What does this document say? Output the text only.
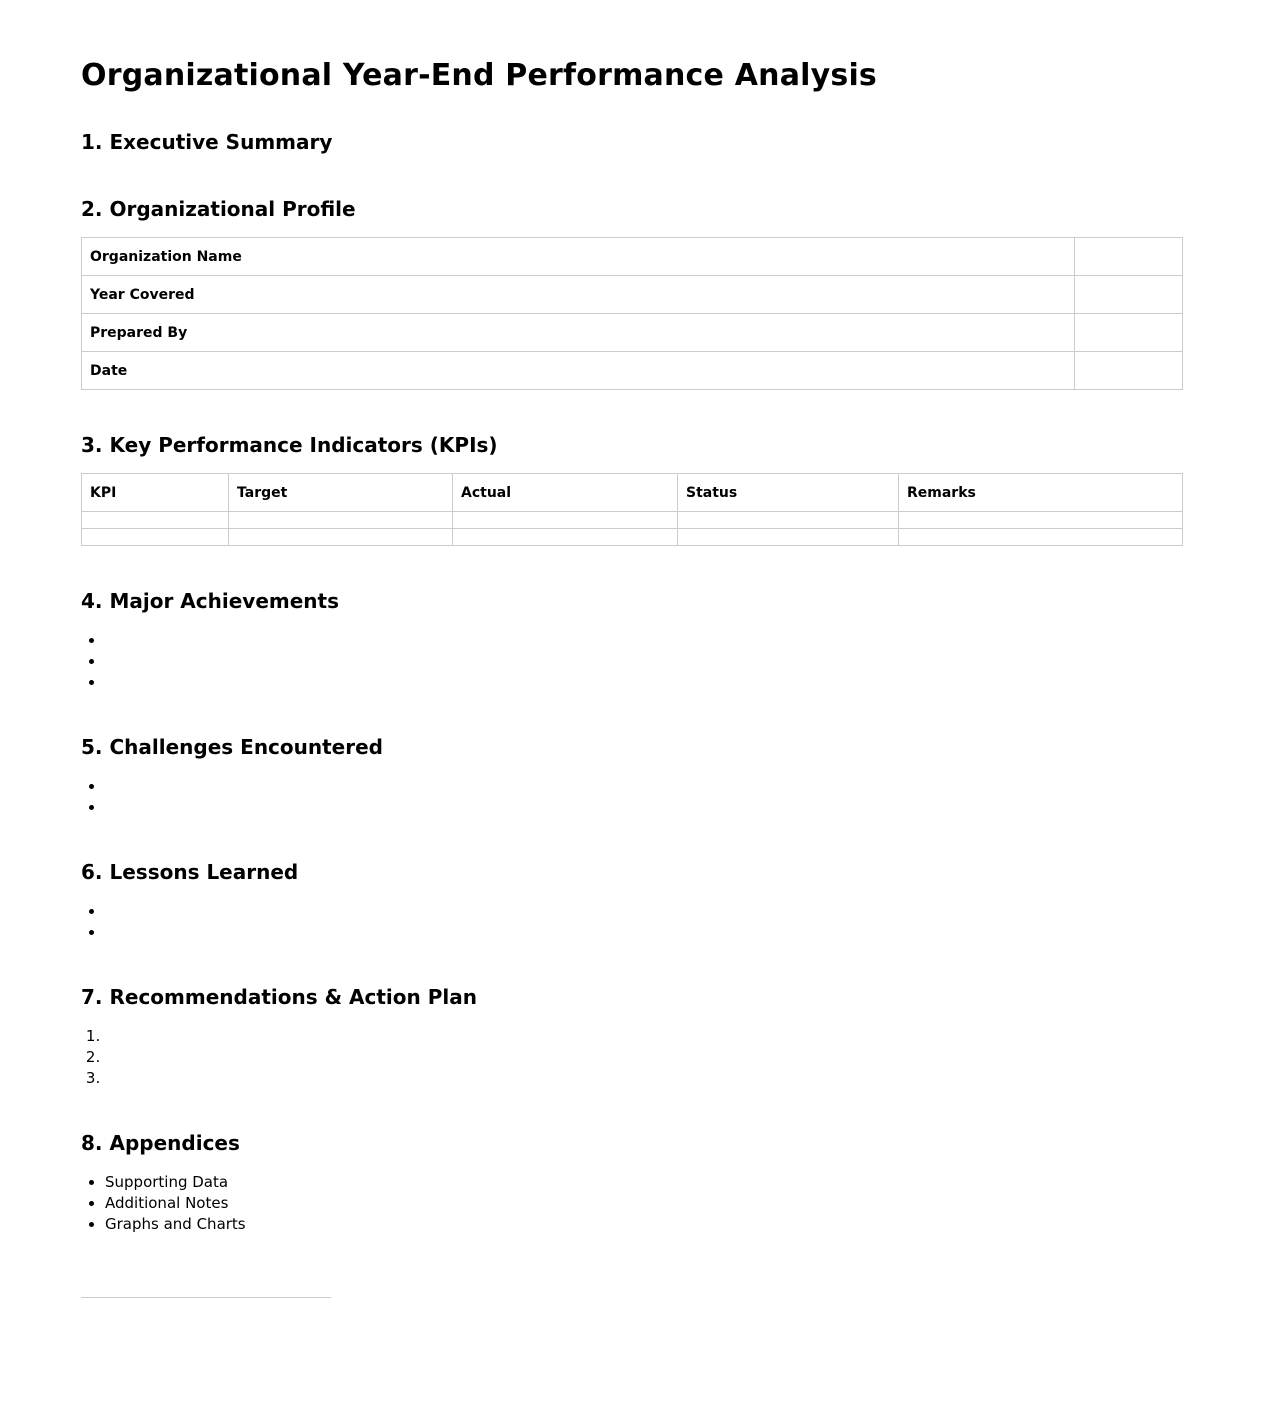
Organizational Year-End Performance Analysis
1. Executive Summary
2. Organizational Profile
Organization Name	
Year Covered	
Prepared By	
Date	
3. Key Performance Indicators (KPIs)
KPI	Target	Actual	Status	Remarks

4. Major Achievements
5. Challenges Encountered
6. Lessons Learned
7. Recommendations & Action Plan
8. Appendices
• Supporting Data
• Additional Notes
• Graphs and Charts
